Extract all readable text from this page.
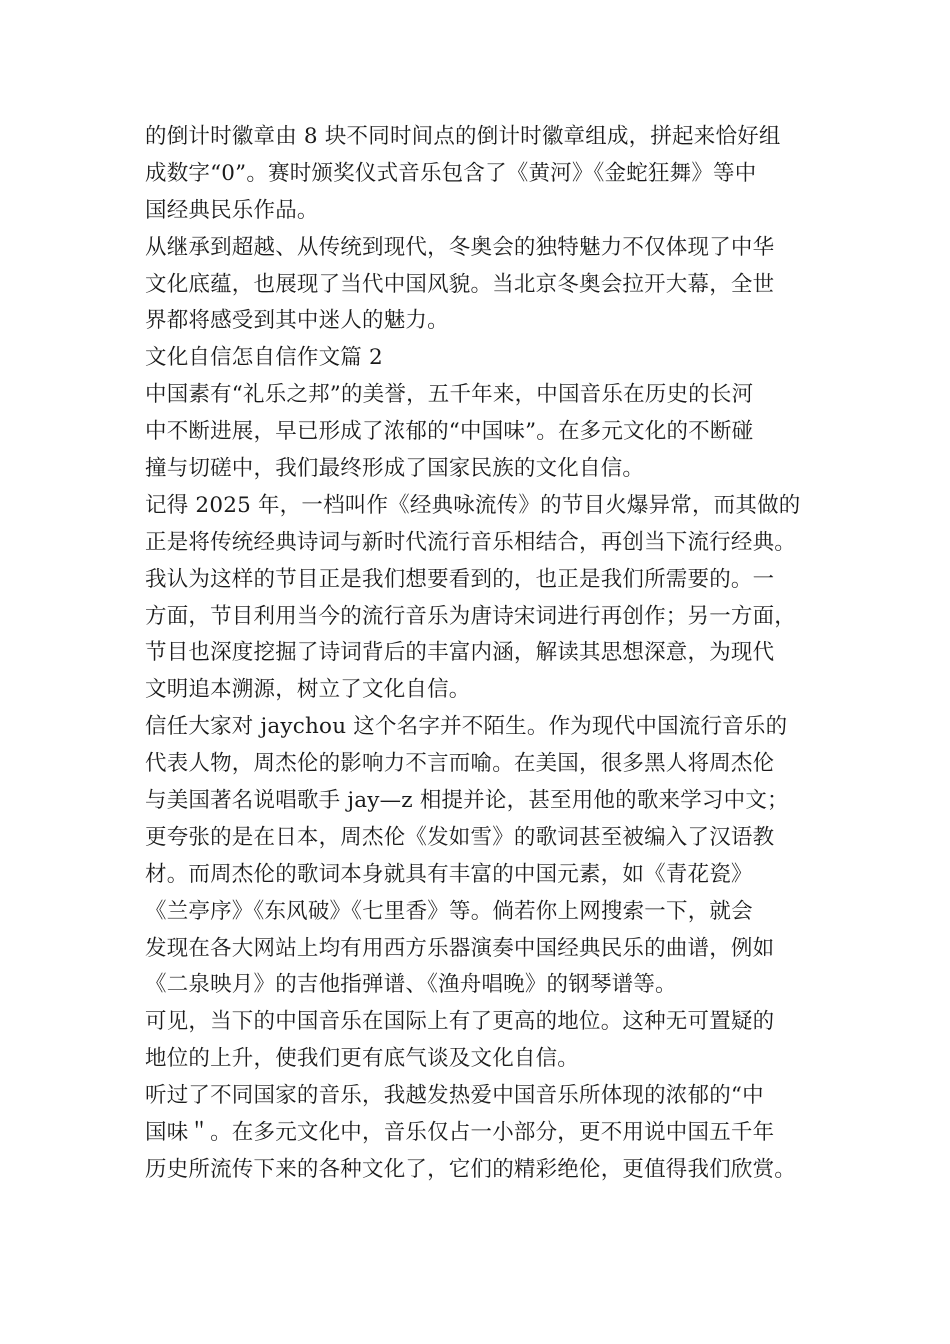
的倒计时徽章由 8 块不同时间点的倒计时徽章组成，拼起来恰好组
成数字“0”。赛时颁奖仪式音乐包含了《黄河》《金蛇狂舞》等中
国经典民乐作品。
从继承到超越、从传统到现代，冬奥会的独特魅力不仅体现了中华
文化底蕴，也展现了当代中国风貌。当北京冬奥会拉开大幕，全世
界都将感受到其中迷人的魅力。
文化自信怎自信作文篇 2
中国素有“礼乐之邦”的美誉，五千年来，中国音乐在历史的长河
中不断进展，早已形成了浓郁的“中国味”。在多元文化的不断碰
撞与切磋中，我们最终形成了国家民族的文化自信。
记得 2025 年，一档叫作《经典咏流传》的节目火爆异常，而其做的
正是将传统经典诗词与新时代流行音乐相结合，再创当下流行经典。
我认为这样的节目正是我们想要看到的，也正是我们所需要的。一
方面，节目利用当今的流行音乐为唐诗宋词进行再创作；另一方面，
节目也深度挖掘了诗词背后的丰富内涵，解读其思想深意，为现代
文明追本溯源，树立了文化自信。
信任大家对 jaychou 这个名字并不陌生。作为现代中国流行音乐的
代表人物，周杰伦的影响力不言而喻。在美国，很多黑人将周杰伦
与美国著名说唱歌手 jay—z 相提并论，甚至用他的歌来学习中文；
更夸张的是在日本，周杰伦《发如雪》的歌词甚至被编入了汉语教
材。而周杰伦的歌词本身就具有丰富的中国元素，如《青花瓷》
《兰亭序》《东风破》《七里香》等。倘若你上网搜索一下，就会
发现在各大网站上均有用西方乐器演奏中国经典民乐的曲谱，例如
《二泉映月》的吉他指弹谱、《渔舟唱晚》的钢琴谱等。
可见，当下的中国音乐在国际上有了更高的地位。这种无可置疑的
地位的上升，使我们更有底气谈及文化自信。
听过了不同国家的音乐，我越发热爱中国音乐所体现的浓郁的“中
国味＂。在多元文化中，音乐仅占一小部分，更不用说中国五千年
历史所流传下来的各种文化了，它们的精彩绝伦，更值得我们欣赏。
